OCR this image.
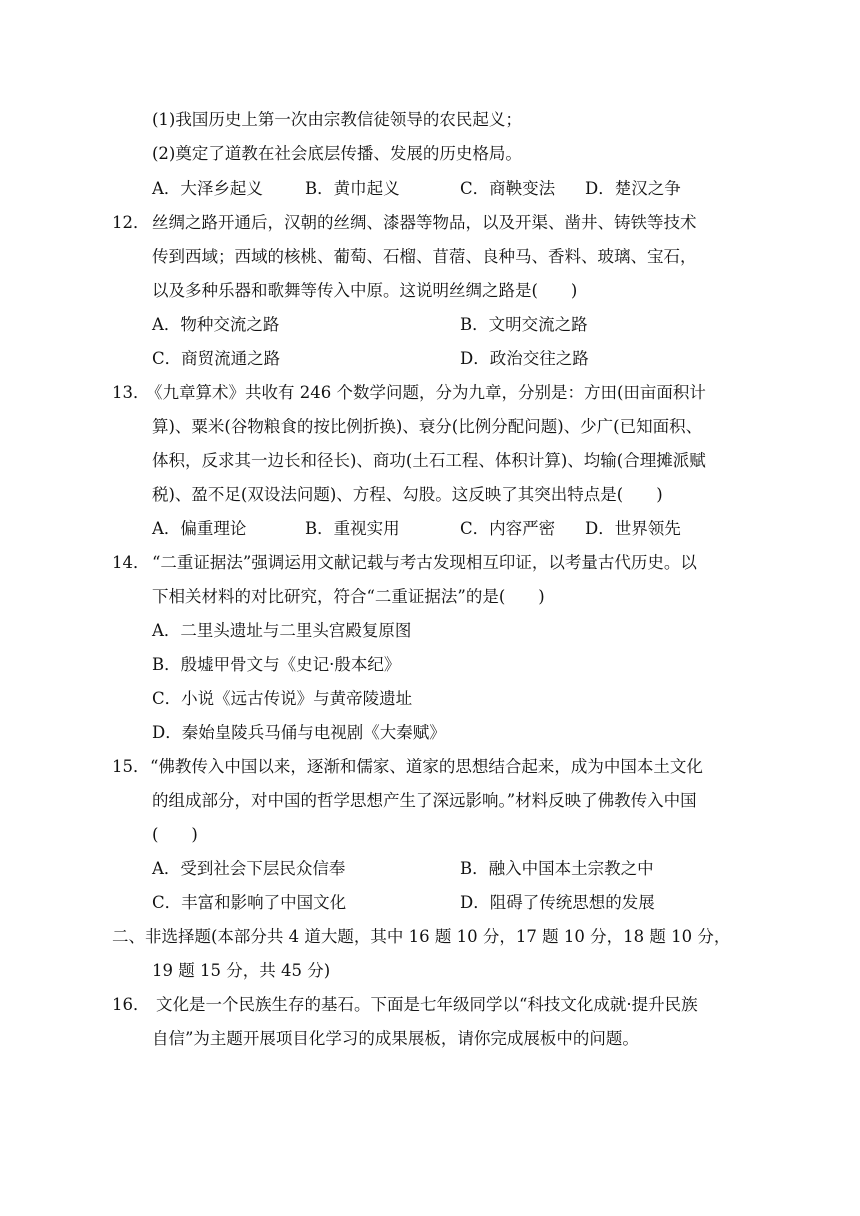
(1)我国历史上第一次由宗教信徒领导的农民起义；
(2)奠定了道教在社会底层传播、发展的历史格局。
A．大泽乡起义	B．黄巾起义	C．商鞅变法 D．楚汉之争
12． 丝绸之路开通后，汉朝的丝绸、漆器等物品，以及开渠、凿井、铸铁等技术
传到西域；西域的核桃、葡萄、石榴、苜蓿、良种马、香料、玻璃、宝石，
以及多种乐器和歌舞等传入中原。这说明丝绸之路是(　　)
A．物种交流之路	B．文明交流之路
C．商贸流通之路	D．政治交往之路
13．
《九章算术》共收有 246 个数学问题，分为九章，分别是：方田(田亩面积计
算)、粟米(谷物粮食的按比例折换)、衰分(比例分配问题)、少广(已知面积、
体积，反求其一边长和径长)、商功(土石工程、体积计算)、均输(合理摊派赋
税)、盈不足(双设法问题)、方程、勾股。这反映了其突出特点是(　　)
A．偏重理论	B．重视实用	C．内容严密 D．世界领先
14． “二重证据法”强调运用文献记载与考古发现相互印证，以考量古代历史。以
下相关材料的对比研究，符合“二重证据法”的是(　　)
A．二里头遗址与二里头宫殿复原图
B．殷墟甲骨文与《史记·殷本纪》
C．小说《远古传说》与黄帝陵遗址
D．秦始皇陵兵马俑与电视剧《大秦赋》
15． “佛教传入中国以来，逐渐和儒家、道家的思想结合起来，成为中国本土文化
的组成部分，对中国的哲学思想产生了深远影响。”材料反映了佛教传入中国
(　　)
A．受到社会下层民众信奉	B．融入中国本土宗教之中
C．丰富和影响了中国文化	D．阻碍了传统思想的发展
二、非选择题(本部分共 4 道大题，其中 16 题 10 分，17 题 10 分，18 题 10 分，
19 题 15 分，共 45 分)
16． 文化是一个民族生存的基石。下面是七年级同学以“科技文化成就·提升民族
自信”为主题开展项目化学习的成果展板，请你完成展板中的问题。
